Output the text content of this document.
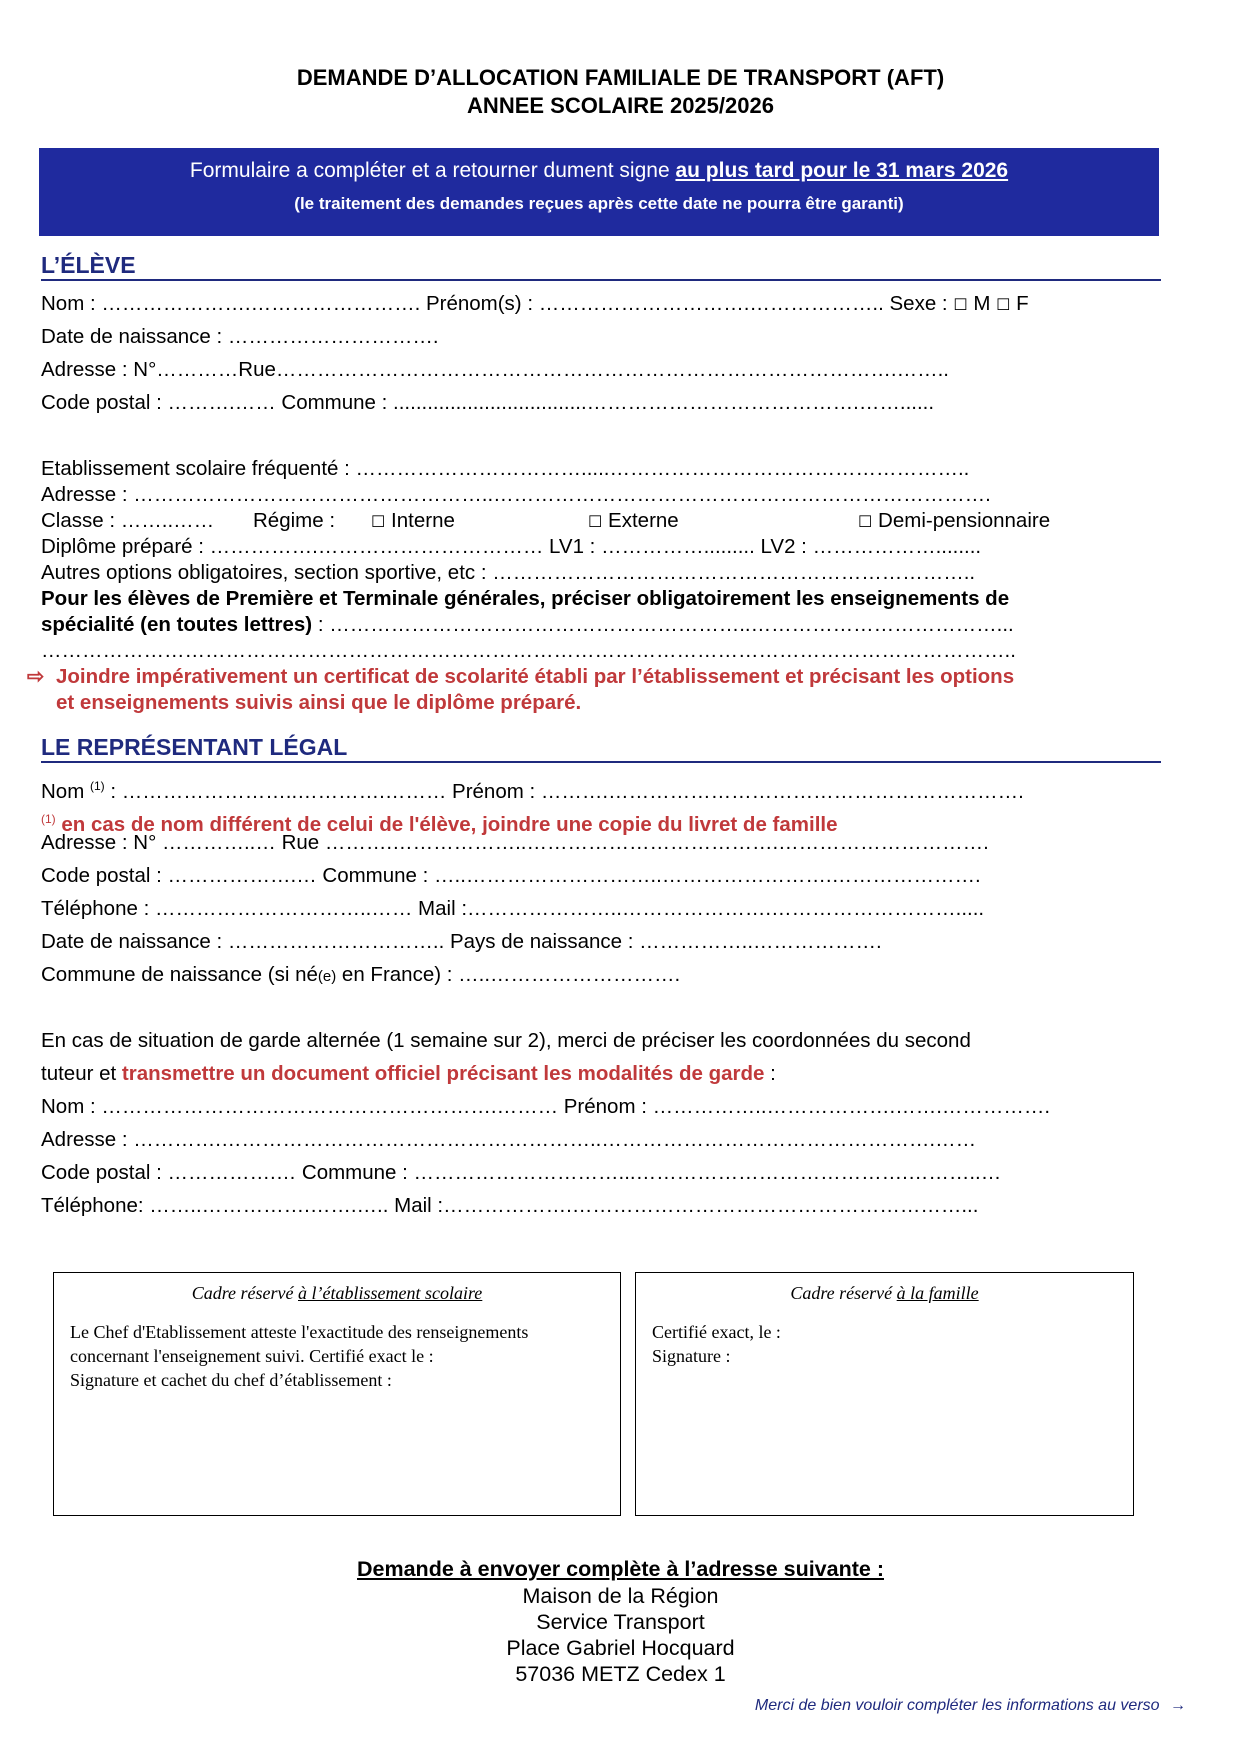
DEMANDE D’ALLOCATION FAMILIALE DE TRANSPORT (AFT)
ANNEE SCOLAIRE 2025/2026
Formulaire a compléter et a retourner dument signe au plus tard pour le 31 mars 2026
(le traitement des demandes reçues après cette date ne pourra être garanti)
L’ÉLÈVE
Nom : ………………….……………………. Prénom(s) : ………………………….……………….. Sexe : ☐ M ☐ F
Date de naissance : ………………………….
Adresse : N°…………Rue……………………………………………………………………………….……..
Code postal : ……….…… Commune : ..................................………………………………….……......
Etablissement scolaire fréquenté : …………………………….....……………………………………………..
Adresse : ……………………………………………..……………………………………………………………….
Classe : ……..…… Régime : ☐ Interne	☐ Externe	☐ Demi-pensionnaire
Diplôme préparé : …………….…………………………… LV1 : ……………......... LV2 : ………………........
Autres options obligatoires, section sportive, etc : ……………………………………………………………..
Pour les élèves de Première et Terminale générales, préciser obligatoirement les enseignements de
spécialité (en toutes lettres) : ……………………………………………………..………………………………...
……………………………………………………………………………………………………………………………..
⇨ Joindre impérativement un certificat de scolarité établi par l’établissement et précisant les options
et enseignements suivis ainsi que le diplôme préparé.
LE REPRÉSENTANT LÉGAL
Nom $^{(1)}$ : ……………………..………….……… Prénom : ……….…………………………………………………….
$^{(1)}$ en cas de nom différent de celui de l'élève, joindre une copie du livret de famille
Adresse : N° …………..… Rue ……….………………..……………………………….………………………….
Code postal : ……………….… Commune : …..………………………..…………………….………………….
Téléphone : …………………………..…… Mail :…………………..………………….……………………….....
Date de naissance : ………………………….. Pays de naissance : ……………..……………….
Commune de naissance (si né(e) en France) : …..……………………….
En cas de situation de garde alternée (1 semaine sur 2), merci de préciser les coordonnées du second
tuteur et transmettre un document officiel précisant les modalités de garde :
Nom : ………………………………………………….……… Prénom : ……………..……………….…….…………….
Adresse : ………….………………………………………………..………………………………………….……
Code postal : …………….… Commune : …………………………...………………………………….………..…
Téléphone: ……..…………….…….….. Mail :……………….…………………………………………………...
Cadre réservé à l’établissement scolaire
Le Chef d'Etablissement atteste l'exactitude des renseignements
concernant l'enseignement suivi. Certifié exact le :
Signature et cachet du chef d’établissement :
Cadre réservé à la famille
Certifié exact, le :
Signature :
Demande à envoyer complète à l’adresse suivante :
Maison de la Région
Service Transport
Place Gabriel Hocquard
57036 METZ Cedex 1
Merci de bien vouloir compléter les informations au verso →
